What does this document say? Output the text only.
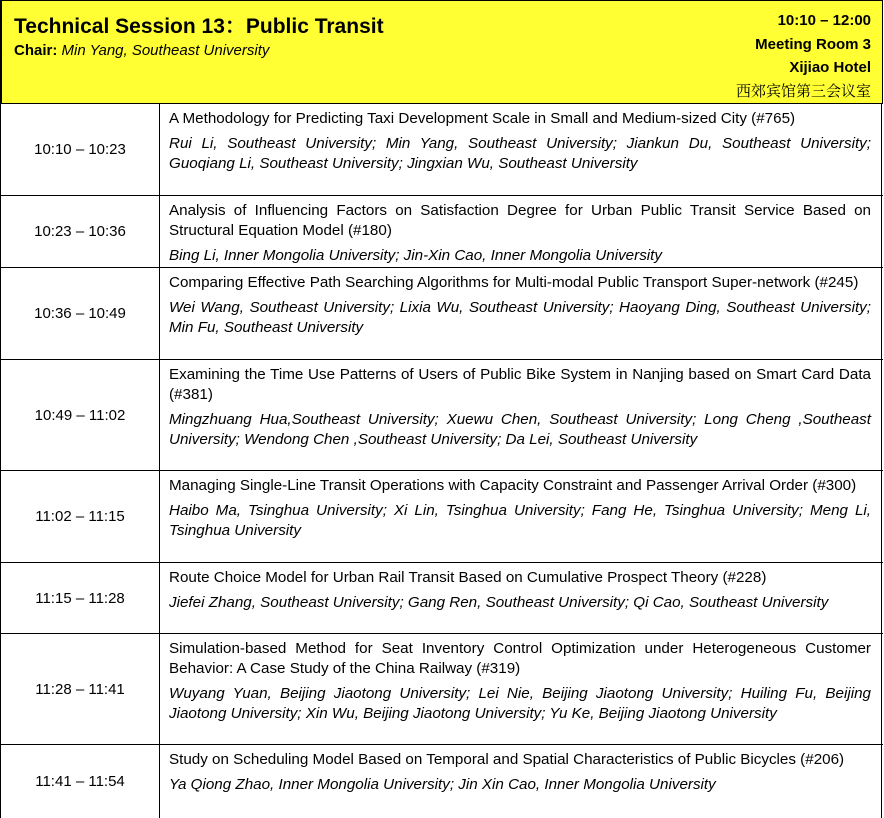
Technical Session 13：Public Transit
Chair: Min Yang, Southeast University
10:10 – 12:00
Meeting Room 3
Xijiao Hotel
西郊宾馆第三会议室
10:10 – 10:23
A Methodology for Predicting Taxi Development Scale in Small and Medium-sized City (#765)
Rui Li, Southeast University; Min Yang, Southeast University; Jiankun Du, Southeast University; Guoqiang Li, Southeast University; Jingxian Wu, Southeast University
10:23 – 10:36
Analysis of Influencing Factors on Satisfaction Degree for Urban Public Transit Service Based on Structural Equation Model (#180)
Bing Li, Inner Mongolia University; Jin-Xin Cao, Inner Mongolia University
10:36 – 10:49
Comparing Effective Path Searching Algorithms for Multi-modal Public Transport Super-network (#245)
Wei Wang, Southeast University; Lixia Wu, Southeast University; Haoyang Ding, Southeast University; Min Fu, Southeast University
10:49 – 11:02
Examining the Time Use Patterns of Users of Public Bike System in Nanjing based on Smart Card Data (#381)
Mingzhuang Hua,Southeast University; Xuewu Chen, Southeast University; Long Cheng ,Southeast University; Wendong Chen ,Southeast University; Da Lei, Southeast University
11:02 – 11:15
Managing Single-Line Transit Operations with Capacity Constraint and Passenger Arrival Order (#300)
Haibo Ma, Tsinghua University; Xi Lin, Tsinghua University; Fang He, Tsinghua University; Meng Li, Tsinghua University
11:15 – 11:28
Route Choice Model for Urban Rail Transit Based on Cumulative Prospect Theory (#228)
Jiefei Zhang, Southeast University; Gang Ren, Southeast University; Qi Cao, Southeast University
11:28 – 11:41
Simulation-based Method for Seat Inventory Control Optimization under Heterogeneous Customer Behavior: A Case Study of the China Railway (#319)
Wuyang Yuan, Beijing Jiaotong University; Lei Nie, Beijing Jiaotong University; Huiling Fu, Beijing Jiaotong University; Xin Wu, Beijing Jiaotong University; Yu Ke, Beijing Jiaotong University
11:41 – 11:54
Study on Scheduling Model Based on Temporal and Spatial Characteristics of Public Bicycles (#206)
Ya Qiong Zhao, Inner Mongolia University; Jin Xin Cao, Inner Mongolia University
